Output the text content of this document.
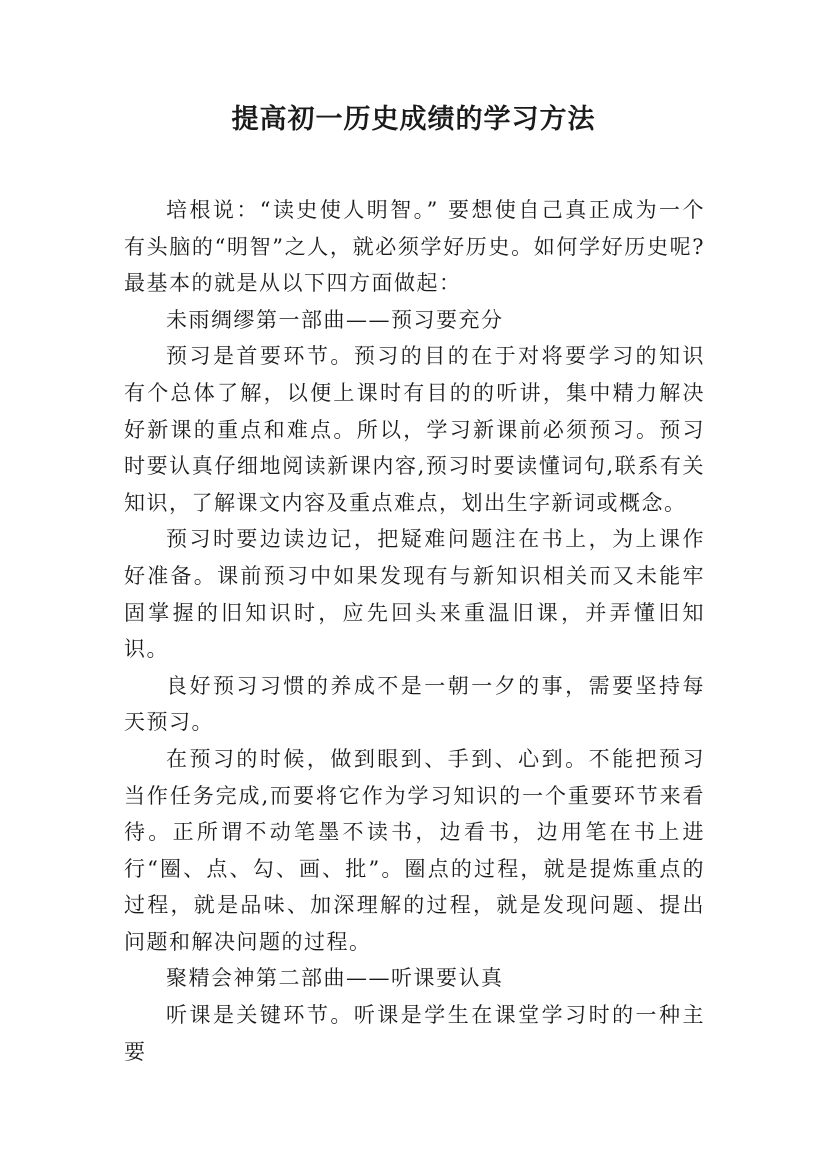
提高初一历史成绩的学习方法

培根说：“读史使人明智。” 要想使自己真正成为一个有头脑的“明智”之人，就必须学好历史。如何学好历史呢?最基本的就是从以下四方面做起：

未雨绸缪第一部曲——预习要充分

预习是首要环节。预习的目的在于对将要学习的知识有个总体了解，以便上课时有目的的听讲，集中精力解决好新课的重点和难点。所以，学习新课前必须预习。预习时要认真仔细地阅读新课内容,预习时要读懂词句,联系有关知识，了解课文内容及重点难点，划出生字新词或概念。

预习时要边读边记，把疑难问题注在书上，为上课作好准备。课前预习中如果发现有与新知识相关而又未能牢固掌握的旧知识时，应先回头来重温旧课，并弄懂旧知识。

良好预习习惯的养成不是一朝一夕的事，需要坚持每天预习。

在预习的时候，做到眼到、手到、心到。不能把预习当作任务完成,而要将它作为学习知识的一个重要环节来看待。正所谓不动笔墨不读书，边看书，边用笔在书上进行“圈、点、勾、画、批”。圈点的过程，就是提炼重点的过程，就是品味、加深理解的过程，就是发现问题、提出问题和解决问题的过程。

聚精会神第二部曲——听课要认真

听课是关键环节。听课是学生在课堂学习时的一种主要
